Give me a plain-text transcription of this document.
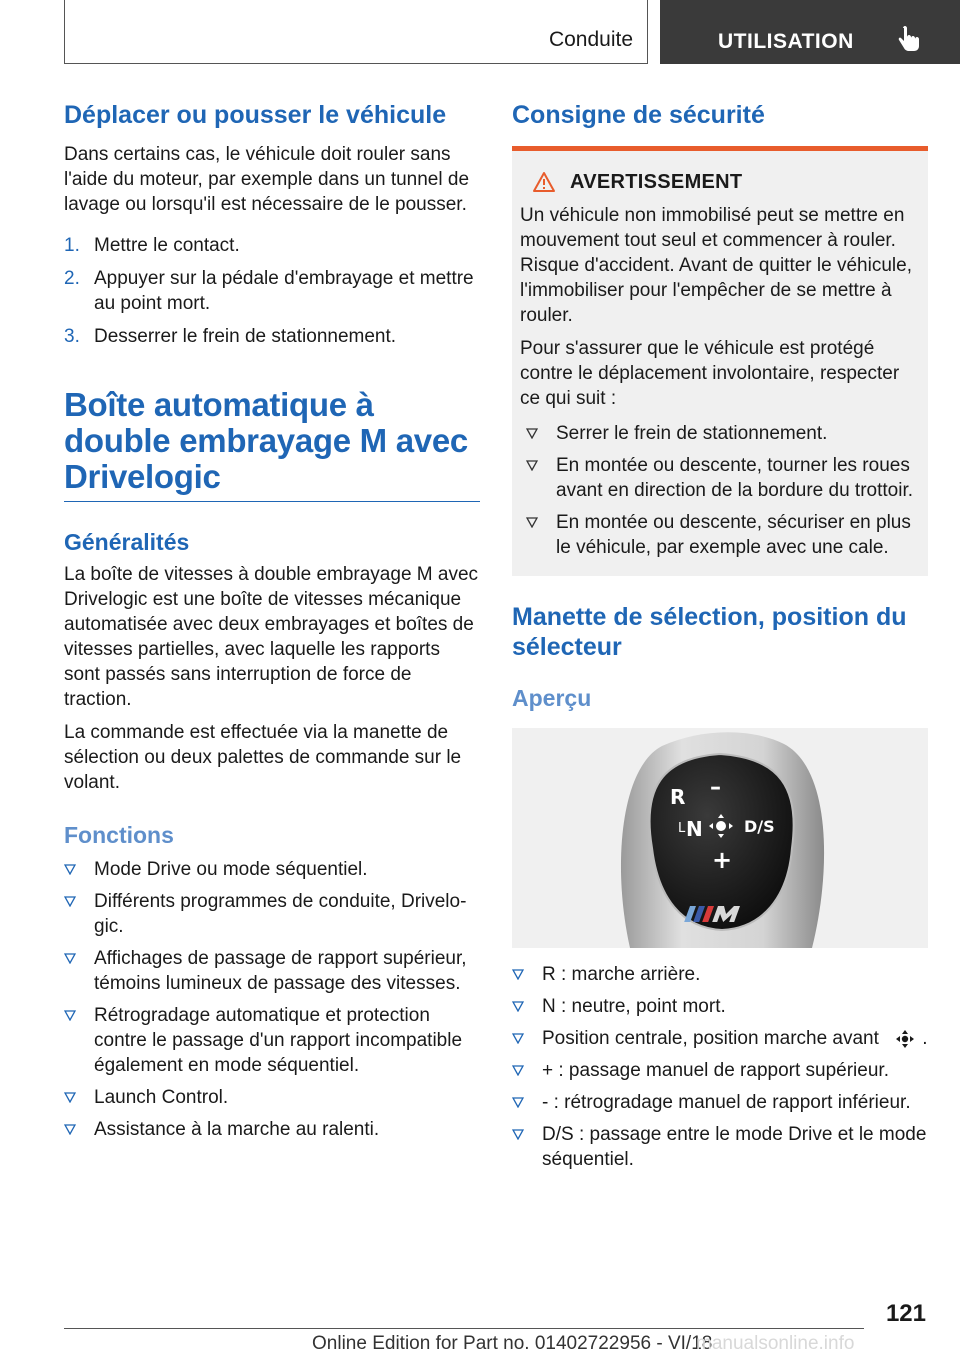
Conduite	UTILISATION
Déplacer ou pousser le véhicule

Dans certains cas, le véhicule doit rouler sans l'aide du moteur, par exemple dans un tunnel de lavage ou lorsqu'il est nécessaire de le pousser.

1. Mettre le contact.
2. Appuyer sur la pédale d'embrayage et mettre au point mort.
3. Desserrer le frein de stationnement.
Boîte automatique à double embrayage M avec Drivelogic
Généralités

La boîte de vitesses à double embrayage M avec Drivelogic est une boîte de vitesses mécanique automatisée avec deux embrayages et boîtes de vitesses partielles, avec laquelle les rapports sont passés sans interruption de force de traction.

La commande est effectuée via la manette de sélection ou deux palettes de commande sur le volant.

Fonctions
Mode Drive ou mode séquentiel.
Différents programmes de conduite, Drivelogic.
Affichages de passage de rapport supérieur, témoins lumineux de passage des vitesses.
Rétrogradage automatique et protection contre le passage d'un rapport incompatible également en mode séquentiel.
Launch Control.
Assistance à la marche au ralenti.
Consigne de sécurité
AVERTISSEMENT

Un véhicule non immobilisé peut se mettre en mouvement tout seul et commencer à rouler. Risque d'accident. Avant de quitter le véhicule, l'immobiliser pour l'empêcher de se mettre à rouler.

Pour s'assurer que le véhicule est protégé contre le déplacement involontaire, respecter ce qui suit :

Serrer le frein de stationnement.
En montée ou descente, tourner les roues avant en direction de la bordure du trottoir.
En montée ou descente, sécuriser en plus le véhicule, par exemple avec une cale.
Manette de sélection, position du sélecteur
Aperçu
R –
L N	D/S
+
R : marche arrière.
N : neutre, point mort.
Position centrale, position marche avant .
+ : passage manuel de rapport supérieur.
- : rétrogradage manuel de rapport inférieur.
D/S : passage entre le mode Drive et le mode séquentiel.
121
Online Edition for Part no. 01402722956 - VI/18
manualsonline.info
